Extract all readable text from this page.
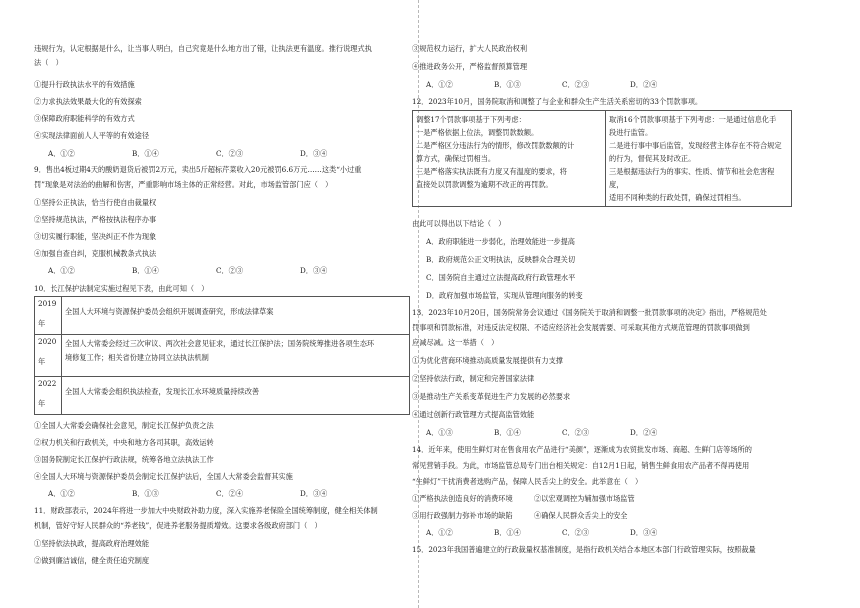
违规行为，认定根据是什么，让当事人明白，自己究竟是什么地方出了错，让执法更有温度。推行说理式执
法（　）
①提升行政执法水平的有效措施
②力求执法效果最大化的有效探索
③保障政府职能科学的有效方式
④实现法律面前人人平等的有效途径
A．①②	B．①④	C．②③	D．③④
9．售出4板过期4天的酸奶退货后被罚2万元，卖出5斤超标芹菜收入20元被罚6.6万元……这类“小过重
罚”现象是对法治的曲解和伤害，严重影响市场主体的正常经营。对此，市场监管部门应（　）
①坚持公正执法，恰当行使自由裁量权
②坚持规范执法，严格按执法程序办事
③切实履行职能，坚决纠正不作为现象
④加强自查自纠，克服机械教条式执法
A．①②	B．①④	C．②③	D．③④
10．长江保护法制定实施过程见下表，由此可知（　）
2019

年	全国人大环境与资源保护委员会组织开展调查研究，形成法律草案
2020

年	全国人大常委会经过三次审议、两次社会意见征求，通过长江保护法；国务院统筹推进各项生态环
境修复工作；相关省份建立协同立法执法机制
2022

年	全国人大常委会组织执法检查，发现长江水环境质量持续改善
①全国人大常委会确保社会意见，制定长江保护负责之法
②权力机关和行政机关，中央和地方各司其职，高效运转
③国务院制定长江保护行政法规，统筹各地立法执法工作
④全国人大环境与资源保护委员会制定长江保护法后，全国人大常委会监督其实施
A．①②	B．①③	C．②④	D．③④
11．财政部表示，2024年将进一步加大中央财政补助力度，深入实施养老保险全国统筹制度，健全相关体制
机制，管好守好人民群众的“养老钱”，促进养老服务提质增效。这要求各级政府部门（　）
①坚持依法执政，提高政府治理效能
②做到廉洁诚信，健全责任追究制度
③规范权力运行，扩大人民政治权利
④推进政务公开，严格监督预算管理
A．①②	B．①③	C．②③	D．②④
12．2023年10月，国务院取消和调整了与企业和群众生产生活关系密切的33个罚款事项。
调整17个罚款事项基于下列考虑：
一是严格依据上位法，调整罚款数额。
二是严格区分违法行为的情形，修改罚款数额的计
算方式，确保过罚相当。
三是严格落实执法既有力度又有温度的要求，将
直接处以罚款调整为逾期不改正的再罚款。

取消16个罚款事项基于下列考虑：一是通过信息化手
段进行监管。
二是进行事中事后监管，发现经营主体存在不符合规定
的行为，督促其及时改正。
三是根据违法行为的事实、性质、情节和社会危害程度，
适用不同种类的行政处罚，确保过罚相当。
由此可以得出以下结论（　）
A．政府职能进一步弱化，治理效能进一步提高
B．政府规范公正文明执法，反映群众合理关切
C．国务院自主通过立法提高政府行政管理水平
D．政府加强市场监管，实现从管理向服务的转变
13．2023年10月20日，国务院常务会议通过《国务院关于取消和调整一批罚款事项的决定》指出，严格规范处
罚事项和罚款标准，对违反法定权限、不适应经济社会发展需要、可采取其他方式规范管理的罚款事项做到
应减尽减。这一举措（　）
①为优化营商环境推动高质量发展提供有力支撑
②坚持依法行政，制定和完善国家法律
③是推动生产关系变革促进生产力发展的必然要求
④通过创新行政管理方式提高监管效能
A．①③	B．①④	C．②③	D．②④
14．近年来，使用生鲜灯对在售食用农产品进行“美颜”，逐渐成为农贸批发市场、商超、生鲜门店等场所的
常见营销手段。为此，市场监管总局专门出台相关规定：自12月1日起，销售生鲜食用农产品者不得再使用
“生鲜灯”干扰消费者选购产品，保障人民舌尖上的安全。此举意在（　）
①严格执法创造良好的消费环境	②以宏观调控为辅加强市场监管
③用行政强制力弥补市场的缺陷	④确保人民群众舌尖上的安全
A．①②	B．①④	C．②③	D．③④
15．2023年我国普遍建立的行政裁量权基准制度，是指行政机关结合本地区本部门行政管理实际，按照裁量
